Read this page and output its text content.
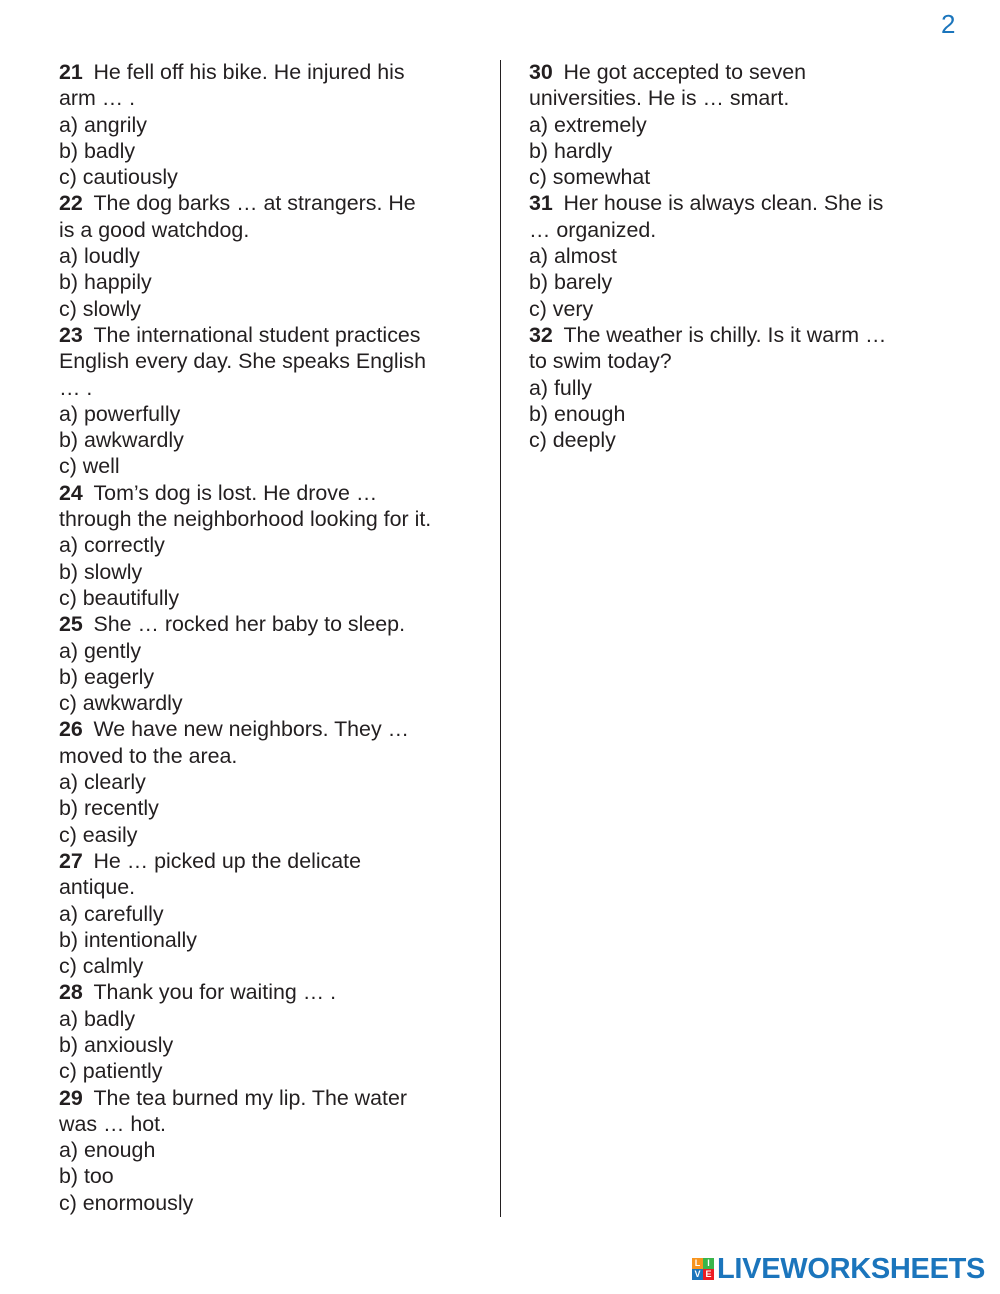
2
21 He fell off his bike. He injured his
arm … .
a) angrily
b) badly
c) cautiously
22 The dog barks … at strangers. He
is a good watchdog.
a) loudly
b) happily
c) slowly
23 The international student practices
English every day. She speaks English
… .
a) powerfully
b) awkwardly
c) well
24 Tom’s dog is lost. He drove …
through the neighborhood looking for it.
a) correctly
b) slowly
c) beautifully
25 She … rocked her baby to sleep.
a) gently
b) eagerly
c) awkwardly
26 We have new neighbors. They …
moved to the area.
a) clearly
b) recently
c) easily
27 He … picked up the delicate
antique.
a) carefully
b) intentionally
c) calmly
28 Thank you for waiting … .
a) badly
b) anxiously
c) patiently
29 The tea burned my lip. The water
was … hot.
a) enough
b) too
c) enormously
30 He got accepted to seven
universities. He is … smart.
a) extremely
b) hardly
c) somewhat
31 Her house is always clean. She is
… organized.
a) almost
b) barely
c) very
32 The weather is chilly. Is it warm …
to swim today?
a) fully
b) enough
c) deeply
L I
V E LIVEWORKSHEETS
